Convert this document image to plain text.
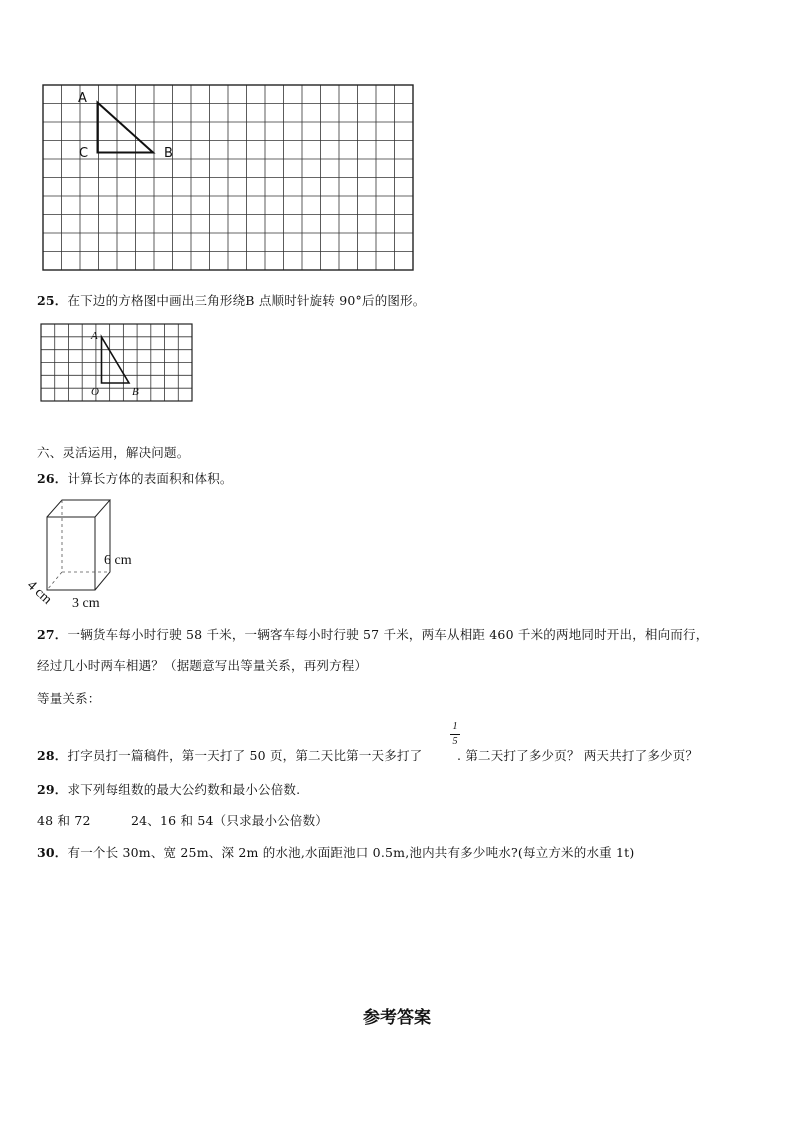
A
C	B
25．在下边的方格图中画出三角形绕B 点顺时针旋转 90°后的图形。
A
O	B
六、灵活运用，解决问题。
26．计算长方体的表面积和体积。
6 cm
3 cm
4 cm
27．一辆货车每小时行驶 58 千米，一辆客车每小时行驶 57 千米，两车从相距 460 千米的两地同时开出，相向而行，
经过几小时两车相遇？（据题意写出等量关系，再列方程）
等量关系：
28．打字员打一篇稿件，第一天打了 50 页，第二天比第一天多打了
1
5
. 第二天打了多少页？ 两天共打了多少页？
29．求下列每组数的最大公约数和最小公倍数.
48 和 72	24、16 和 54（只求最小公倍数）
30．有一个长 30m、宽 25m、深 2m 的水池,水面距池口 0.5m,池内共有多少吨水?(每立方米的水重 1t)
参考答案
